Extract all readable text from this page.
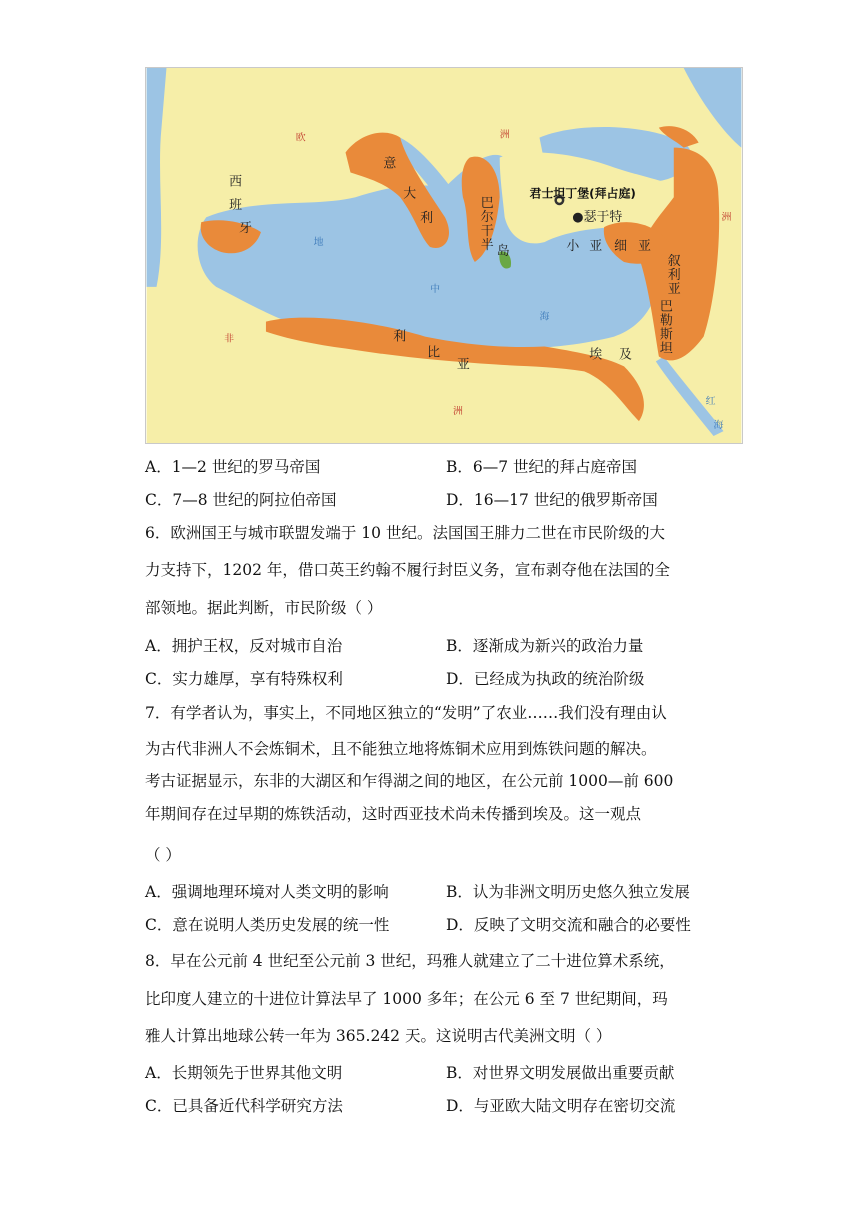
欧	洲
西
班
牙
意
大
利
巴
尔
干
半 岛
君士坦丁堡(拜占庭)
●瑟于特
小 亚 细 亚
叙
利
亚
巴
勒
斯
坦
利
比
亚
埃 及
非
洲
洲
地
中
海
红
海
A．1—2 世纪的罗马帝国	B．6—7 世纪的拜占庭帝国
C．7—8 世纪的阿拉伯帝国	D．16—17 世纪的俄罗斯帝国
6．欧洲国王与城市联盟发端于 10 世纪。法国国王腓力二世在市民阶级的大
力支持下，1202 年，借口英王约翰不履行封臣义务，宣布剥夺他在法国的全
部领地。据此判断，市民阶级（ ）
A．拥护王权，反对城市自治	B．逐渐成为新兴的政治力量
C．实力雄厚，享有特殊权利	D．已经成为执政的统治阶级
7．有学者认为，事实上，不同地区独立的“发明”了农业……我们没有理由认
为古代非洲人不会炼铜术，且不能独立地将炼铜术应用到炼铁问题的解决。
考古证据显示，东非的大湖区和乍得湖之间的地区，在公元前 1000—前 600
年期间存在过早期的炼铁活动，这时西亚技术尚未传播到埃及。这一观点
（ ）
A．强调地理环境对人类文明的影响	B．认为非洲文明历史悠久独立发展
C．意在说明人类历史发展的统一性	D．反映了文明交流和融合的必要性
8．早在公元前 4 世纪至公元前 3 世纪，玛雅人就建立了二十进位算术系统，
比印度人建立的十进位计算法早了 1000 多年；在公元 6 至 7 世纪期间，玛
雅人计算出地球公转一年为 365.242 天。这说明古代美洲文明（ ）
A．长期领先于世界其他文明	B．对世界文明发展做出重要贡献
C．已具备近代科学研究方法	D．与亚欧大陆文明存在密切交流
